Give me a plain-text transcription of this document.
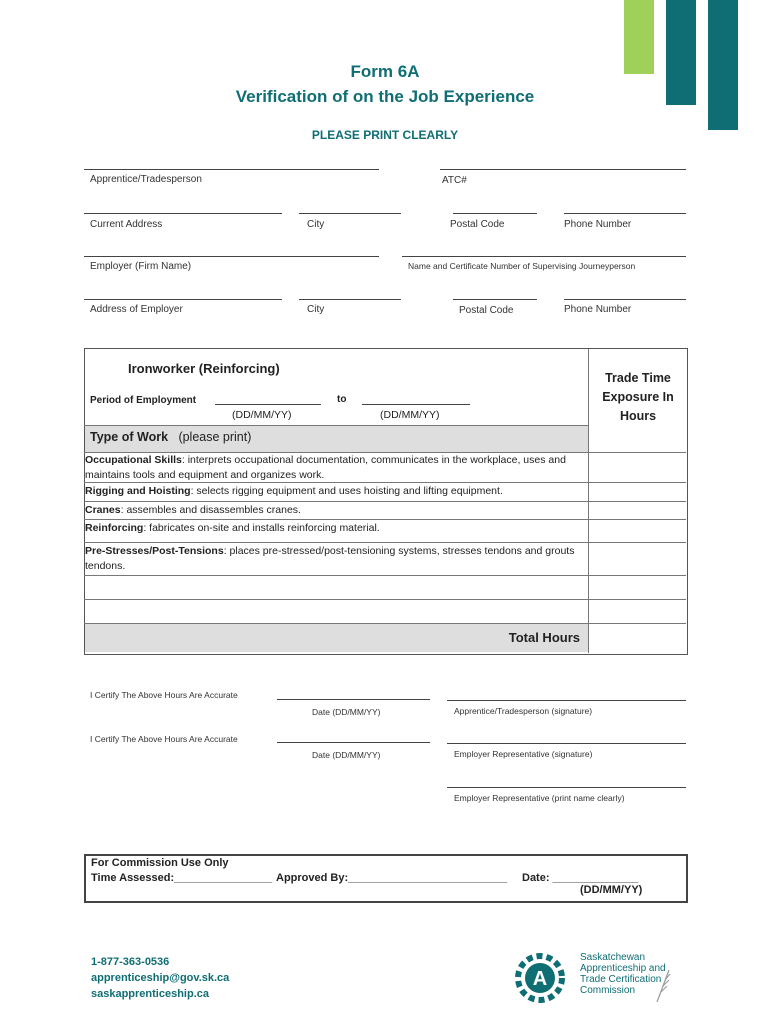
Form 6A
Verification of on the Job Experience
PLEASE PRINT CLEARLY
Apprentice/Tradesperson	ATC#
Current Address	City	Postal Code	Phone Number
Employer (Firm Name)	Name and Certificate Number of Supervising Journeyperson
Address of Employer	City	Postal Code	Phone Number
Ironworker (Reinforcing)
Period of Employment	to
(DD/MM/YY)	(DD/MM/YY)
Type of Work (please print)
Trade Time Exposure In Hours
Occupational Skills: interprets occupational documentation, communicates in the workplace, uses and maintains tools and equipment and organizes work.
Rigging and Hoisting: selects rigging equipment and uses hoisting and lifting equipment.
Cranes: assembles and disassembles cranes.
Reinforcing: fabricates on-site and installs reinforcing material.
Pre-Stresses/Post-Tensions: places pre-stressed/post-tensioning systems, stresses tendons and grouts tendons.
Total Hours
I Certify The Above Hours Are Accurate
Date (DD/MM/YY)	Apprentice/Tradesperson (signature)
I Certify The Above Hours Are Accurate
Date (DD/MM/YY)	Employer Representative (signature)
Employer Representative (print name clearly)
For Commission Use Only
Time Assessed:________________ Approved By:__________________________ Date: ______________
(DD/MM/YY)
1-877-363-0536
apprenticeship@gov.sk.ca
saskapprenticeship.ca
A
Saskatchewan
Apprenticeship and
Trade Certification
Commission
